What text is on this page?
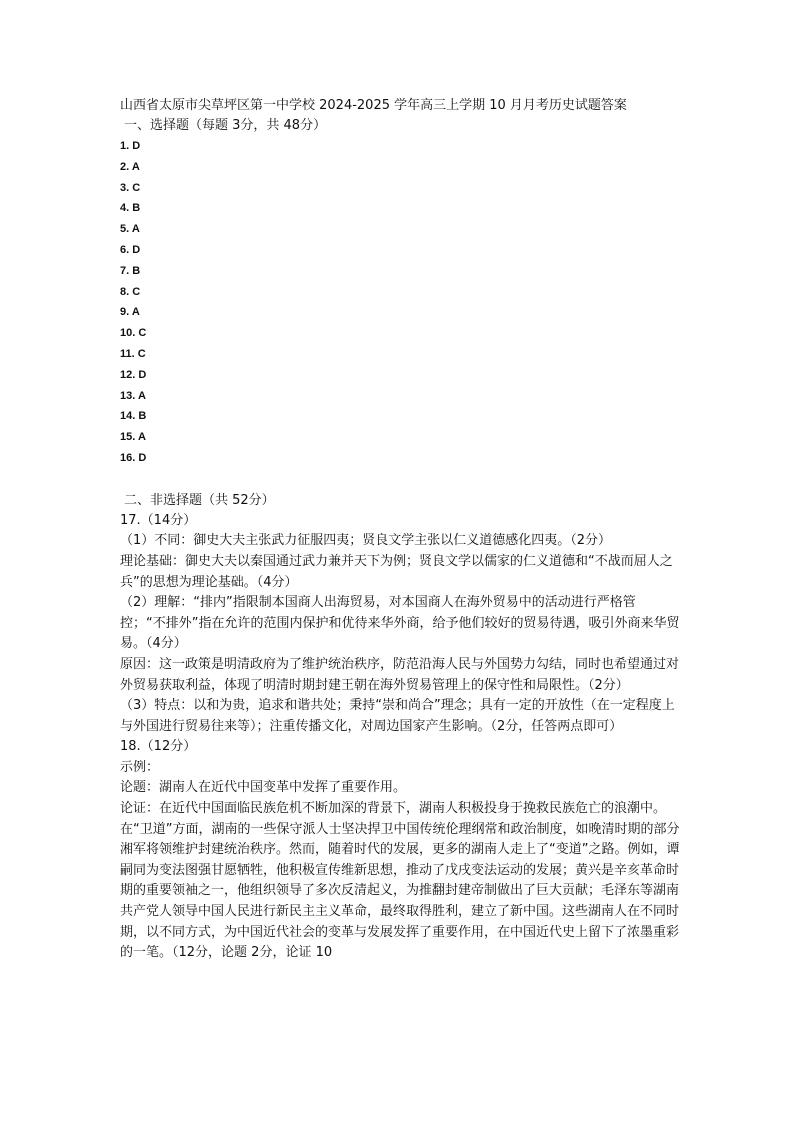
山西省太原市尖草坪区第一中学校 2024-2025 学年高三上学期 10 月月考历史试题答案
一、选择题（每题 3分，共 48分）
1. D
2. A
3. C
4. B
5. A
6. D
7. B
8. C
9. A
10. C
11. C
12. D
13. A
14. B
15. A
16. D
二、非选择题（共 52分）

17.（14分）

（1）不同：御史大夫主张武力征服四夷；贤良文学主张以仁义道德感化四夷。（2分）

理论基础：御史大夫以秦国通过武力兼并天下为例；贤良文学以儒家的仁义道德和“不战而屈人之兵”的思想为理论基础。（4分）

（2）理解：“排内”指限制本国商人出海贸易，对本国商人在海外贸易中的活动进行严格管控；“不排外”指在允许的范围内保护和优待来华外商，给予他们较好的贸易待遇，吸引外商来华贸易。（4分）

原因：这一政策是明清政府为了维护统治秩序，防范沿海人民与外国势力勾结，同时也希望通过对外贸易获取利益，体现了明清时期封建王朝在海外贸易管理上的保守性和局限性。（2分）

（3）特点：以和为贵，追求和谐共处；秉持“崇和尚合”理念；具有一定的开放性（在一定程度上与外国进行贸易往来等）；注重传播文化，对周边国家产生影响。（2分，任答两点即可）

18.（12分）

示例：

论题：湖南人在近代中国变革中发挥了重要作用。

论证：在近代中国面临民族危机不断加深的背景下，湖南人积极投身于挽救民族危亡的浪潮中。在“卫道”方面，湖南的一些保守派人士坚决捍卫中国传统伦理纲常和政治制度，如晚清时期的部分湘军将领维护封建统治秩序。然而，随着时代的发展，更多的湖南人走上了“变道”之路。例如，谭嗣同为变法图强甘愿牺牲，他积极宣传维新思想，推动了戊戌变法运动的发展；黄兴是辛亥革命时期的重要领袖之一，他组织领导了多次反清起义，为推翻封建帝制做出了巨大贡献；毛泽东等湖南共产党人领导中国人民进行新民主主义革命，最终取得胜利，建立了新中国。这些湖南人在不同时期，以不同方式，为中国近代社会的变革与发展发挥了重要作用，在中国近代史上留下了浓墨重彩的一笔。（12分，论题 2分，论证 10
